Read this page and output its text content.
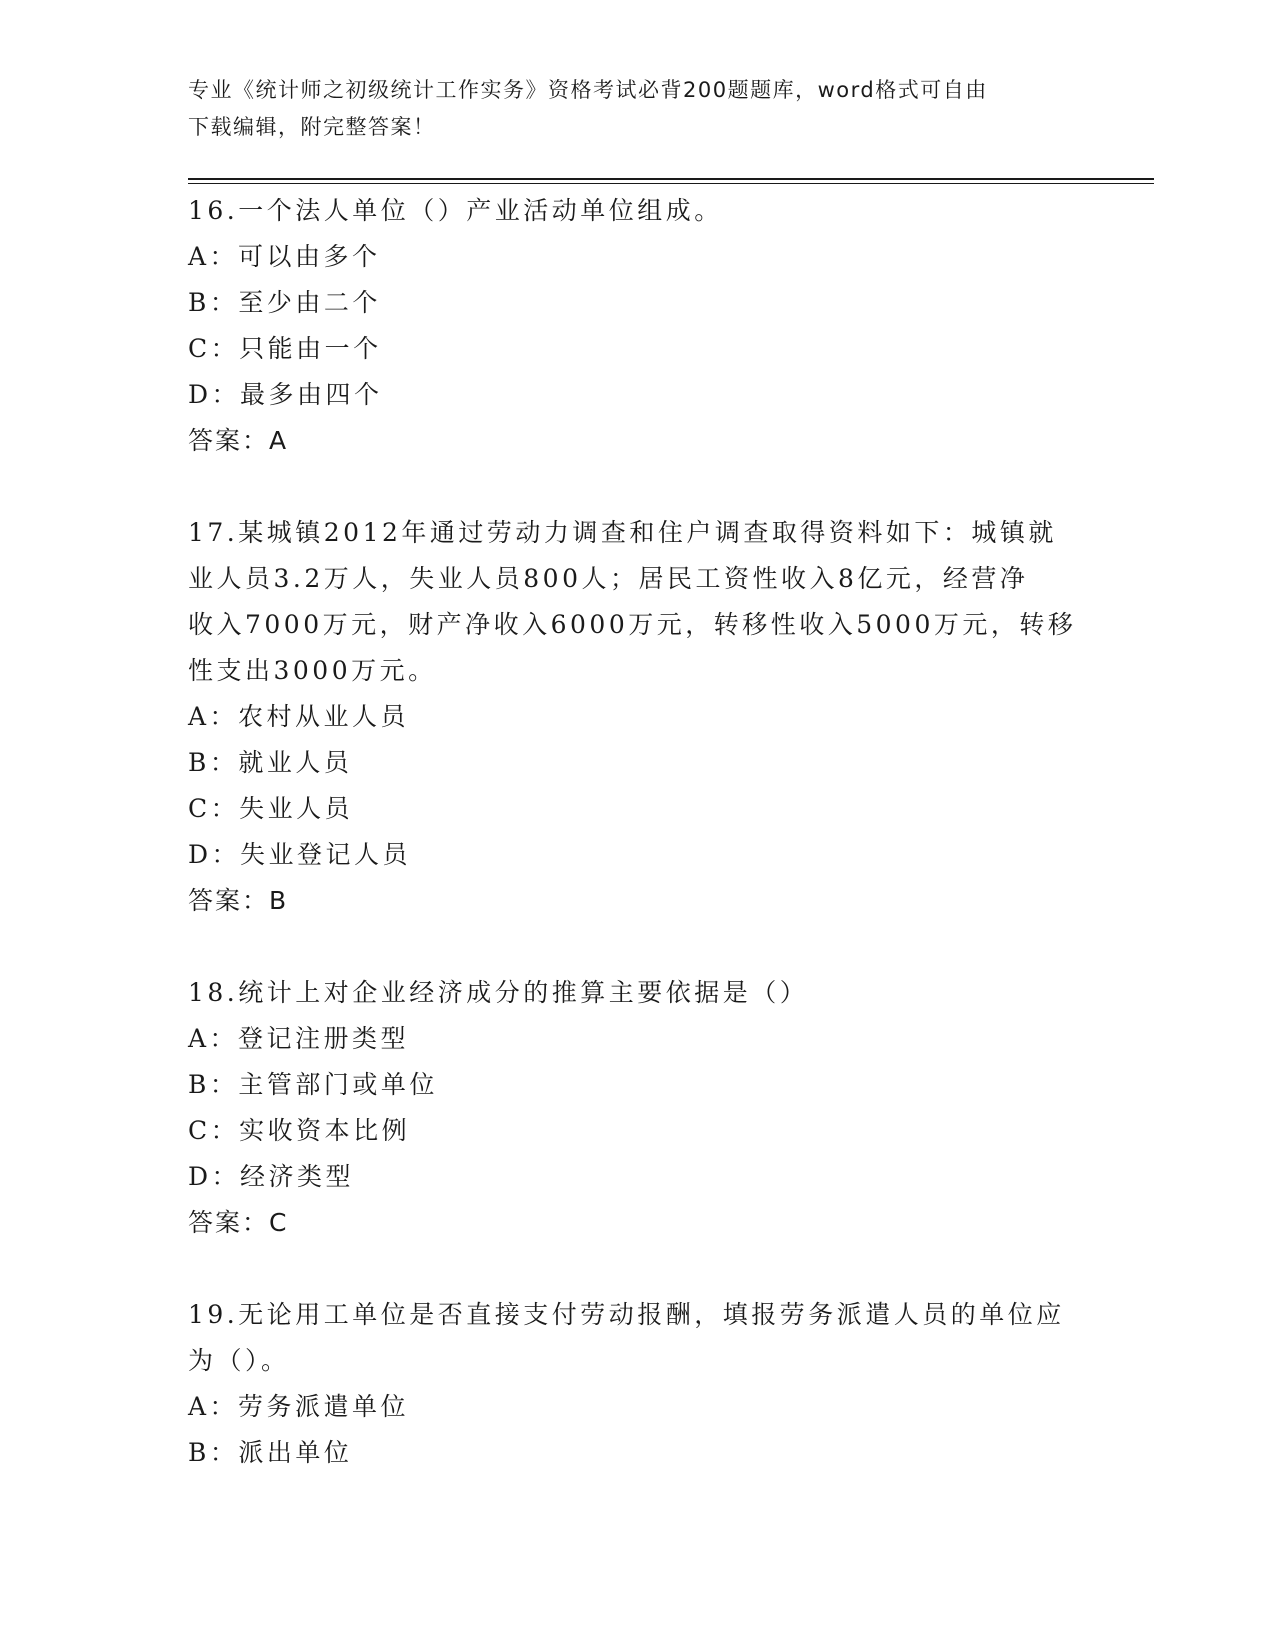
专业《统计师之初级统计工作实务》资格考试必背200题题库，word格式可自由
下载编辑，附完整答案！
16.一个法人单位（）产业活动单位组成。
A：可以由多个
B：至少由二个
C：只能由一个
D：最多由四个
答案：A
17.某城镇2012年通过劳动力调查和住户调查取得资料如下：城镇就
业人员3.2万人，失业人员800人；居民工资性收入8亿元，经营净
收入7000万元，财产净收入6000万元，转移性收入5000万元，转移
性支出3000万元。
A：农村从业人员
B：就业人员
C：失业人员
D：失业登记人员
答案：B
18.统计上对企业经济成分的推算主要依据是（）
A：登记注册类型
B：主管部门或单位
C：实收资本比例
D：经济类型
答案：C
19.无论用工单位是否直接支付劳动报酬，填报劳务派遣人员的单位应
为（）。
A：劳务派遣单位
B：派出单位
